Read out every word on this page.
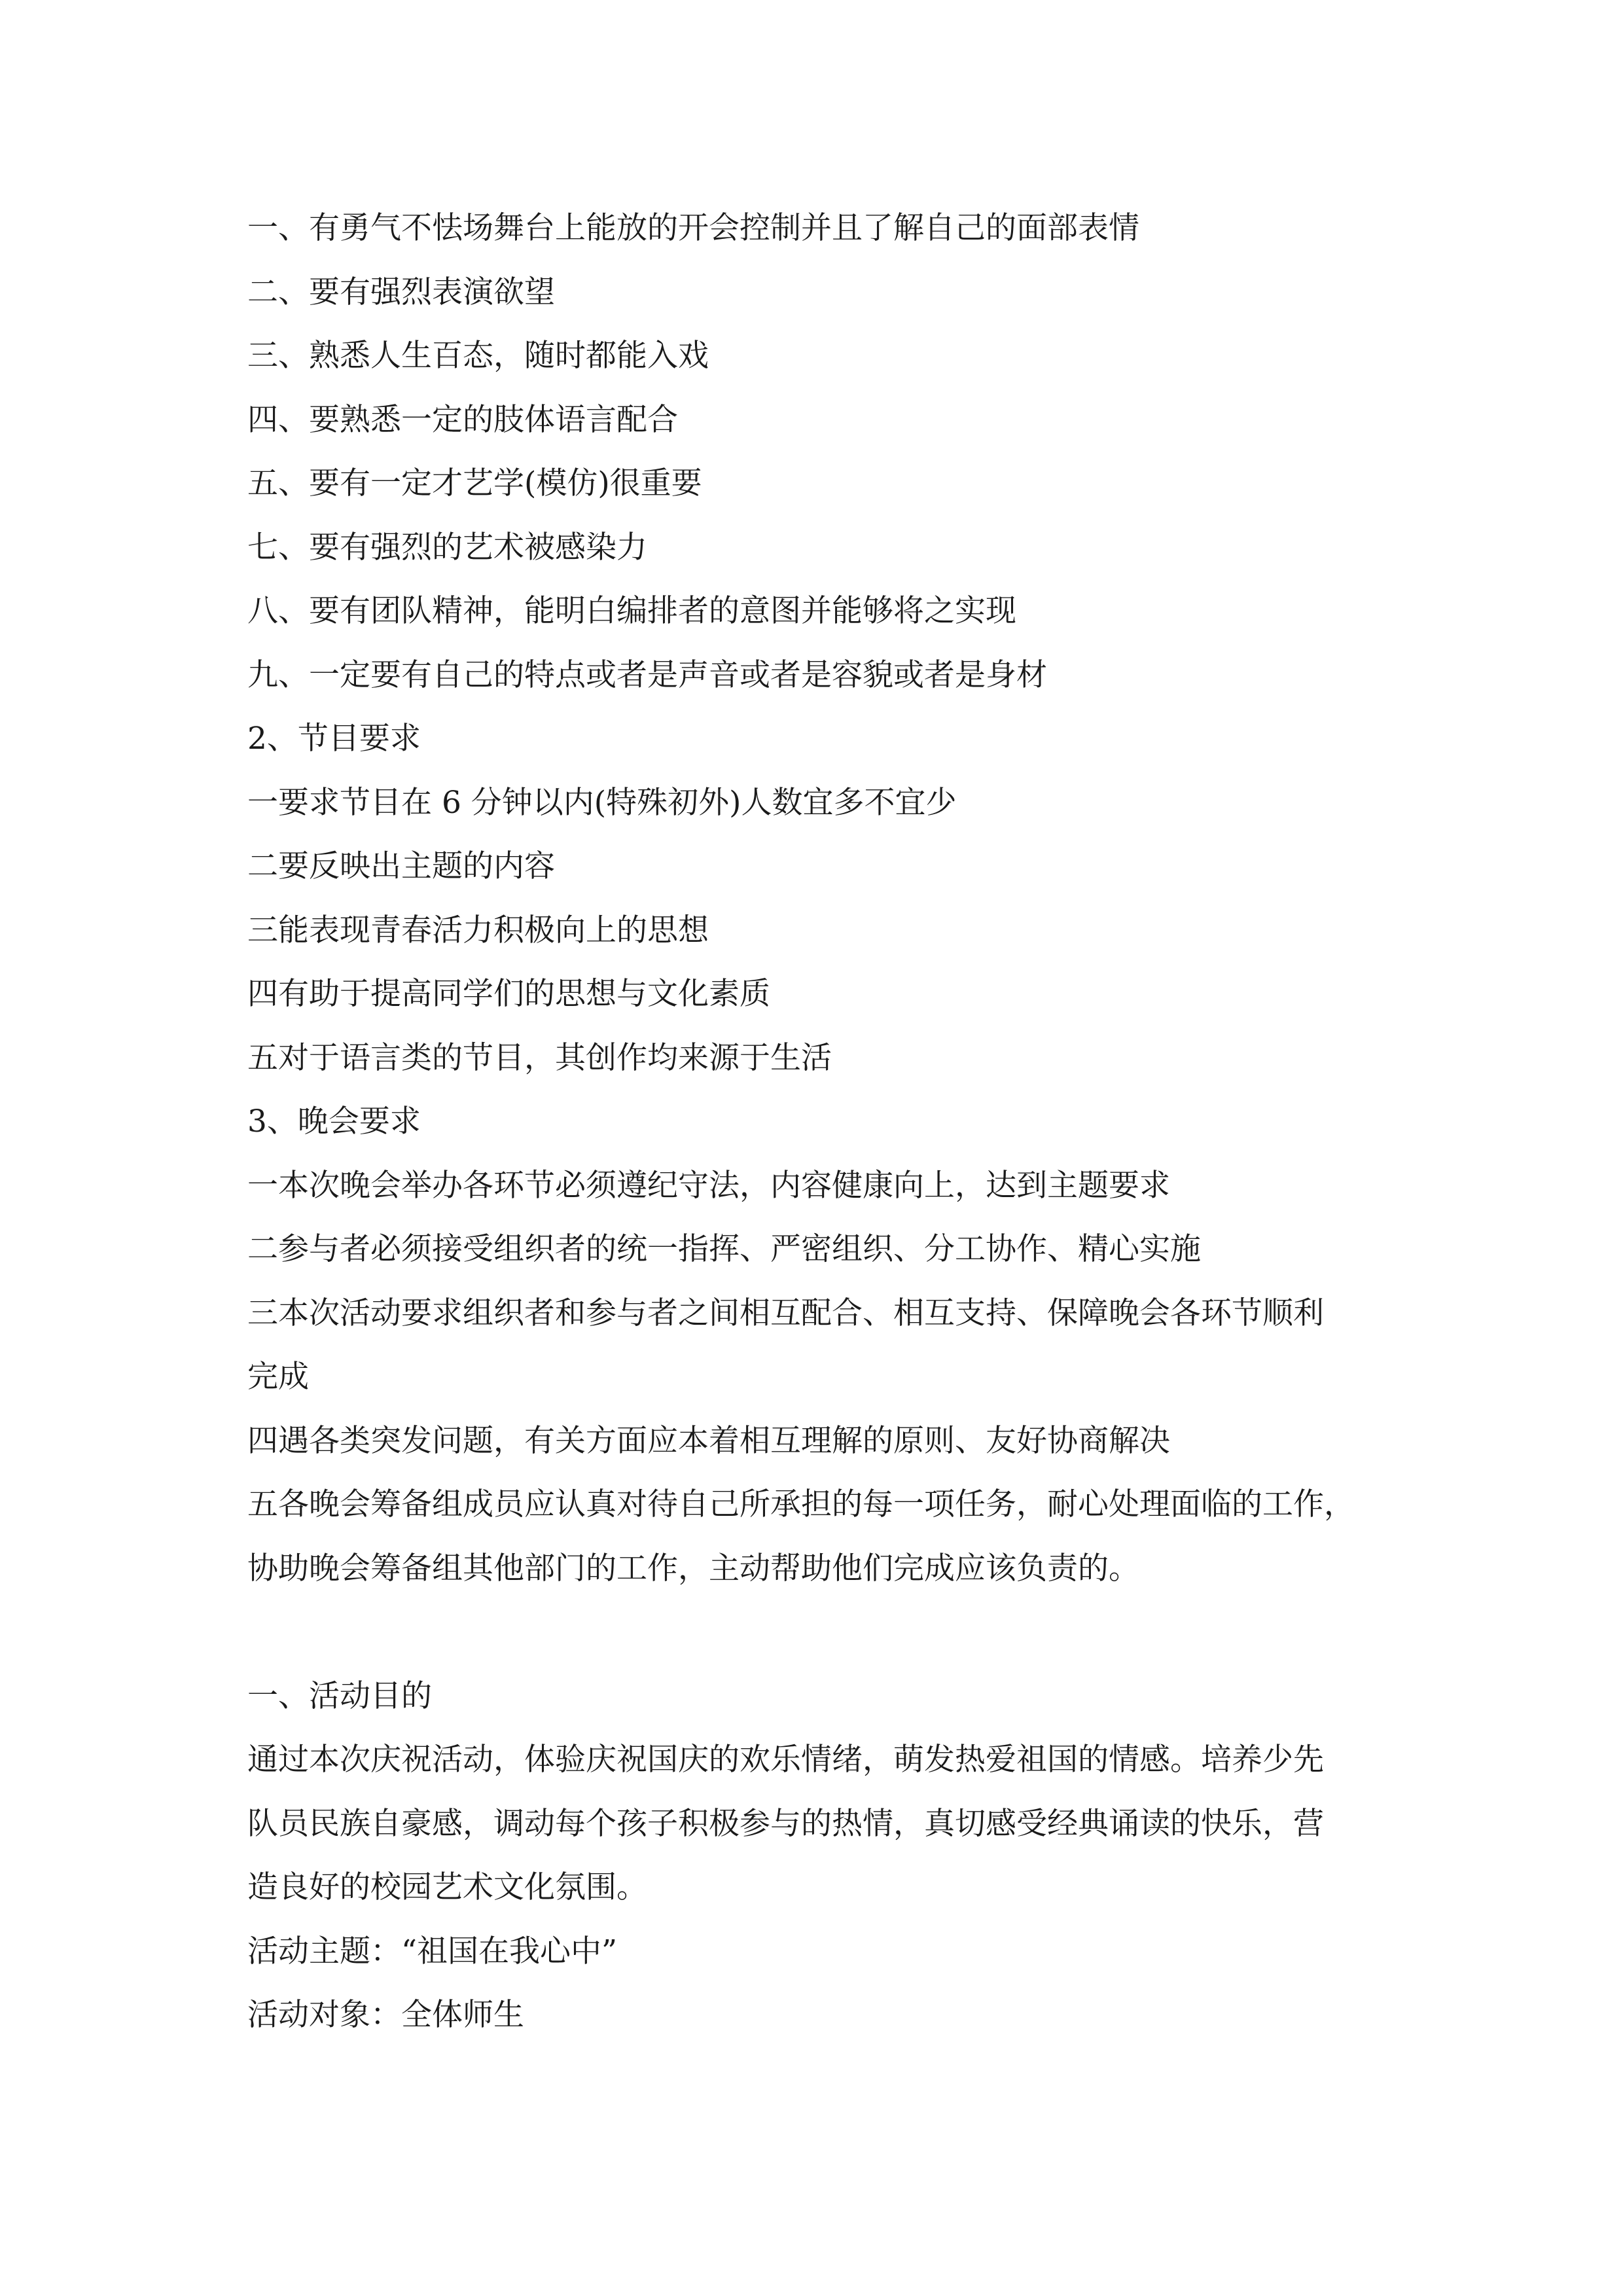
一、有勇气不怯场舞台上能放的开会控制并且了解自己的面部表情
二、要有强烈表演欲望
三、熟悉人生百态，随时都能入戏
四、要熟悉一定的肢体语言配合
五、要有一定才艺学(模仿)很重要
七、要有强烈的艺术被感染力
八、要有团队精神，能明白编排者的意图并能够将之实现
九、一定要有自己的特点或者是声音或者是容貌或者是身材
2、节目要求
一要求节目在 6 分钟以内(特殊初外)人数宜多不宜少
二要反映出主题的内容
三能表现青春活力积极向上的思想
四有助于提高同学们的思想与文化素质
五对于语言类的节目，其创作均来源于生活
3、晚会要求
一本次晚会举办各环节必须遵纪守法，内容健康向上，达到主题要求
二参与者必须接受组织者的统一指挥、严密组织、分工协作、精心实施
三本次活动要求组织者和参与者之间相互配合、相互支持、保障晚会各环节顺利
完成
四遇各类突发问题，有关方面应本着相互理解的原则、友好协商解决
五各晚会筹备组成员应认真对待自己所承担的每一项任务，耐心处理面临的工作，
协助晚会筹备组其他部门的工作，主动帮助他们完成应该负责的。
一、活动目的
通过本次庆祝活动，体验庆祝国庆的欢乐情绪，萌发热爱祖国的情感。培养少先
队员民族自豪感，调动每个孩子积极参与的热情，真切感受经典诵读的快乐，营
造良好的校园艺术文化氛围。
活动主题：“祖国在我心中”
活动对象：全体师生
